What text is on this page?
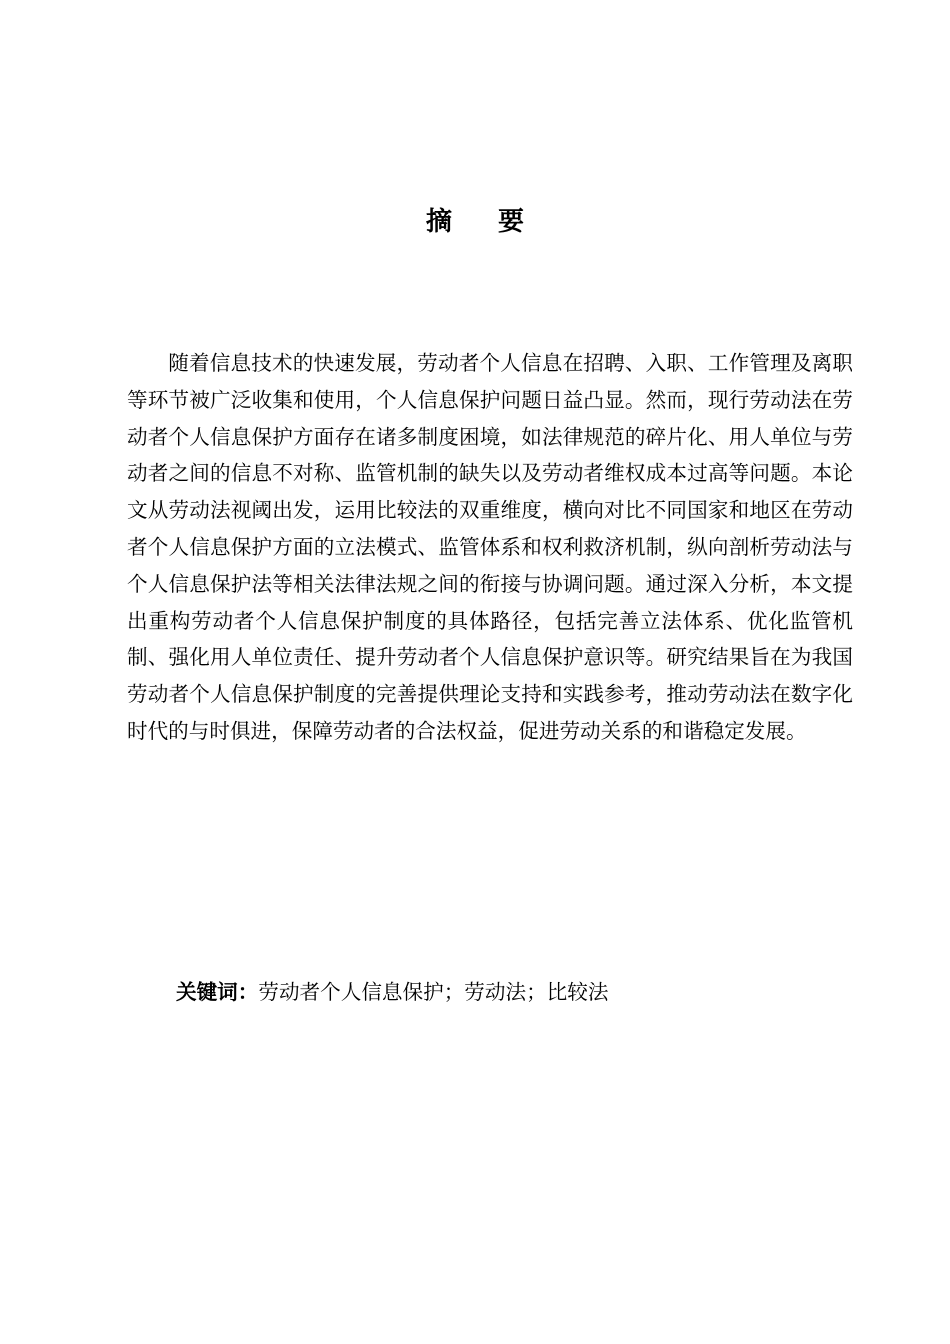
摘 要

随着信息技术的快速发展，劳动者个人信息在招聘、入职、工作管理及离职等环节被广泛收集和使用，个人信息保护问题日益凸显。然而，现行劳动法在劳动者个人信息保护方面存在诸多制度困境，如法律规范的碎片化、用人单位与劳动者之间的信息不对称、监管机制的缺失以及劳动者维权成本过高等问题。本论文从劳动法视阈出发，运用比较法的双重维度，横向对比不同国家和地区在劳动者个人信息保护方面的立法模式、监管体系和权利救济机制，纵向剖析劳动法与个人信息保护法等相关法律法规之间的衔接与协调问题。通过深入分析，本文提出重构劳动者个人信息保护制度的具体路径，包括完善立法体系、优化监管机制、强化用人单位责任、提升劳动者个人信息保护意识等。研究结果旨在为我国劳动者个人信息保护制度的完善提供理论支持和实践参考，推动劳动法在数字化时代的与时俱进，保障劳动者的合法权益，促进劳动关系的和谐稳定发展。

关键词：劳动者个人信息保护；劳动法；比较法
